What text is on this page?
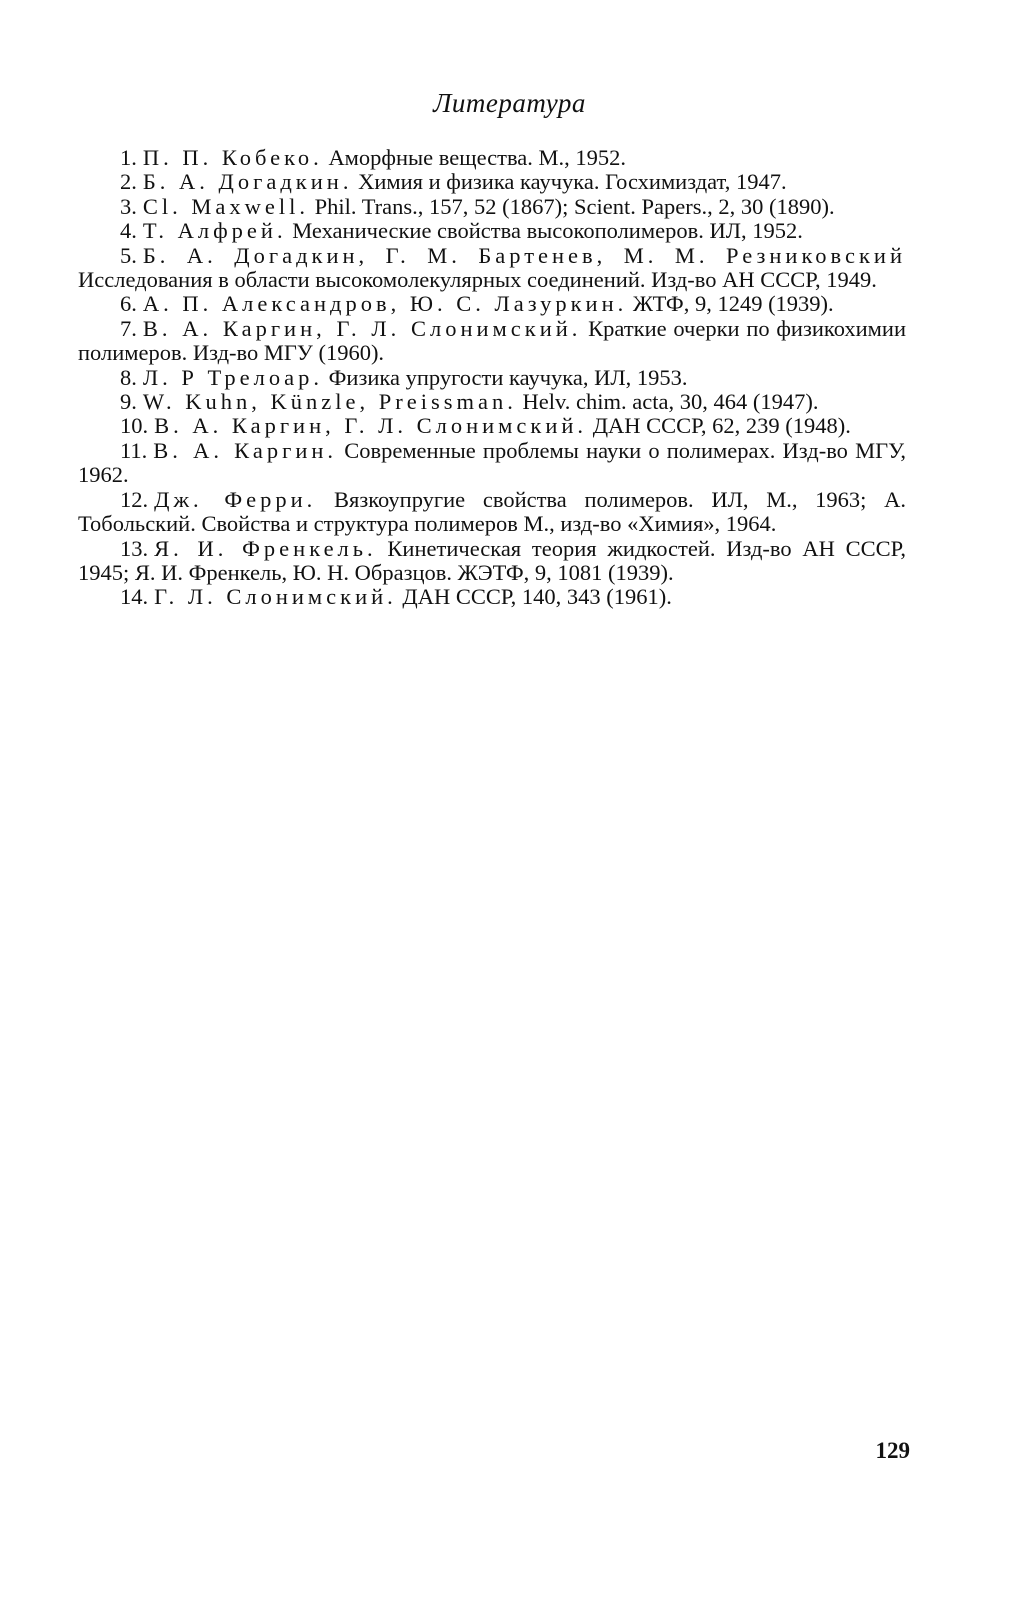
Литература

1. П. П. Кобеко. Аморфные вещества. М., 1952.

2. Б. А. Догадкин. Химия и физика каучука. Госхимиздат, 1947.

3. Cl. Maxwell. Phil. Trans., 157, 52 (1867); Scient. Papers., 2, 30 (1890).

4. Т. Алфрей. Механические свойства высокополимеров. ИЛ, 1952.

5. Б. А. Догадкин, Г. М. Бартенев, М. М. Резниковский Исследования в области высокомолекулярных соединений. Изд-во АН СССР, 1949.

6. А. П. Александров, Ю. С. Лазуркин. ЖТФ, 9, 1249 (1939).

7. В. А. Каргин, Г. Л. Слонимский. Краткие очерки по физикохимии полимеров. Изд-во МГУ (1960).

8. Л. Р Трелоар. Физика упругости каучука, ИЛ, 1953.

9. W. Kuhn, Künzle, Preissman. Helv. chim. acta, 30, 464 (1947).

10. В. А. Каргин, Г. Л. Слонимский. ДАН СССР, 62, 239 (1948).

11. В. А. Каргин. Современные проблемы науки о полимерах. Изд-во МГУ, 1962.

12. Дж. Ферри. Вязкоупругие свойства полимеров. ИЛ, М., 1963; А. Тобольский. Свойства и структура полимеров М., изд-во «Химия», 1964.

13. Я. И. Френкель. Кинетическая теория жидкостей. Изд-во АН СССР, 1945; Я. И. Френкель, Ю. Н. Образцов. ЖЭТФ, 9, 1081 (1939).

14. Г. Л. Слонимский. ДАН СССР, 140, 343 (1961).

129
